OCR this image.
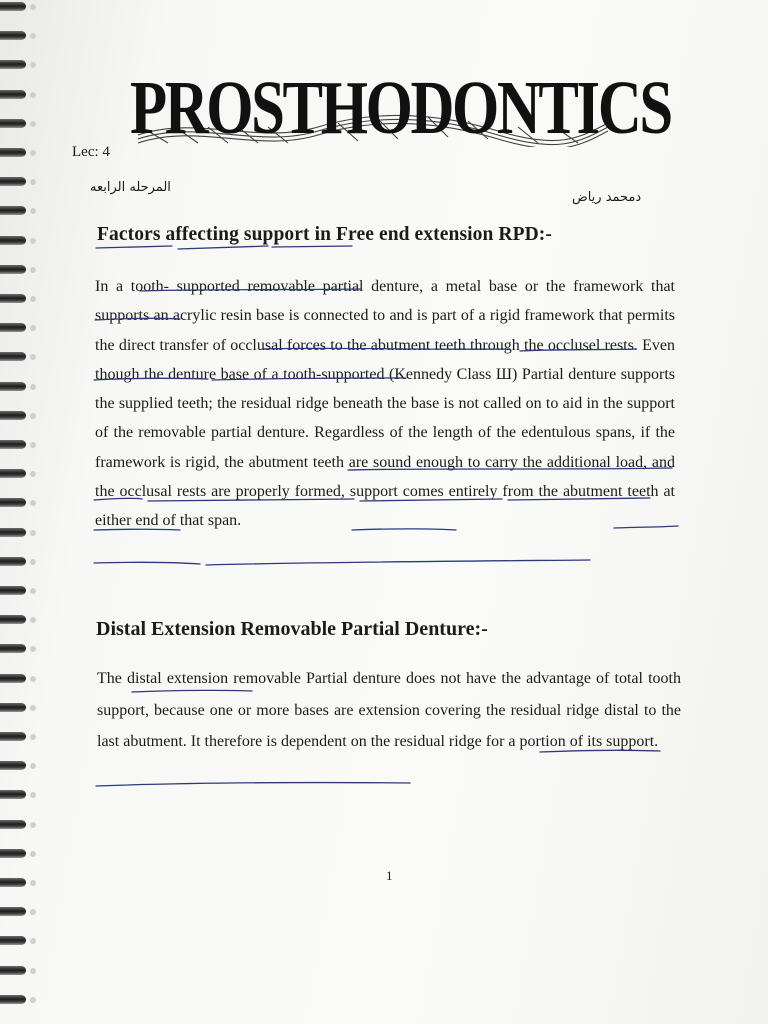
PROSTHODONTICS
Lec: 4
المرحله الرابعه
دمحمد رياض
Factors affecting support in Free end extension RPD:-
In a tooth- supported removable partial denture, a metal base or the framework that supports an acrylic resin base is connected to and is part of a rigid framework that permits the direct transfer of occlusal forces to the abutment teeth through the occlusel rests. Even though the denture base of a tooth-supported (Kennedy Class Ш) Partial denture supports the supplied teeth; the residual ridge beneath the base is not called on to aid in the support of the removable partial denture. Regardless of the length of the edentulous spans, if the framework is rigid, the abutment teeth are sound enough to carry the additional load, and the occlusal rests are properly formed, support comes entirely from the abutment teeth at either end of that span.
Distal Extension Removable Partial Denture:-
The distal extension removable Partial denture does not have the advantage of total tooth support, because one or more bases are extension covering the residual ridge distal to the last abutment. It therefore is dependent on the residual ridge for a portion of its support.
1
